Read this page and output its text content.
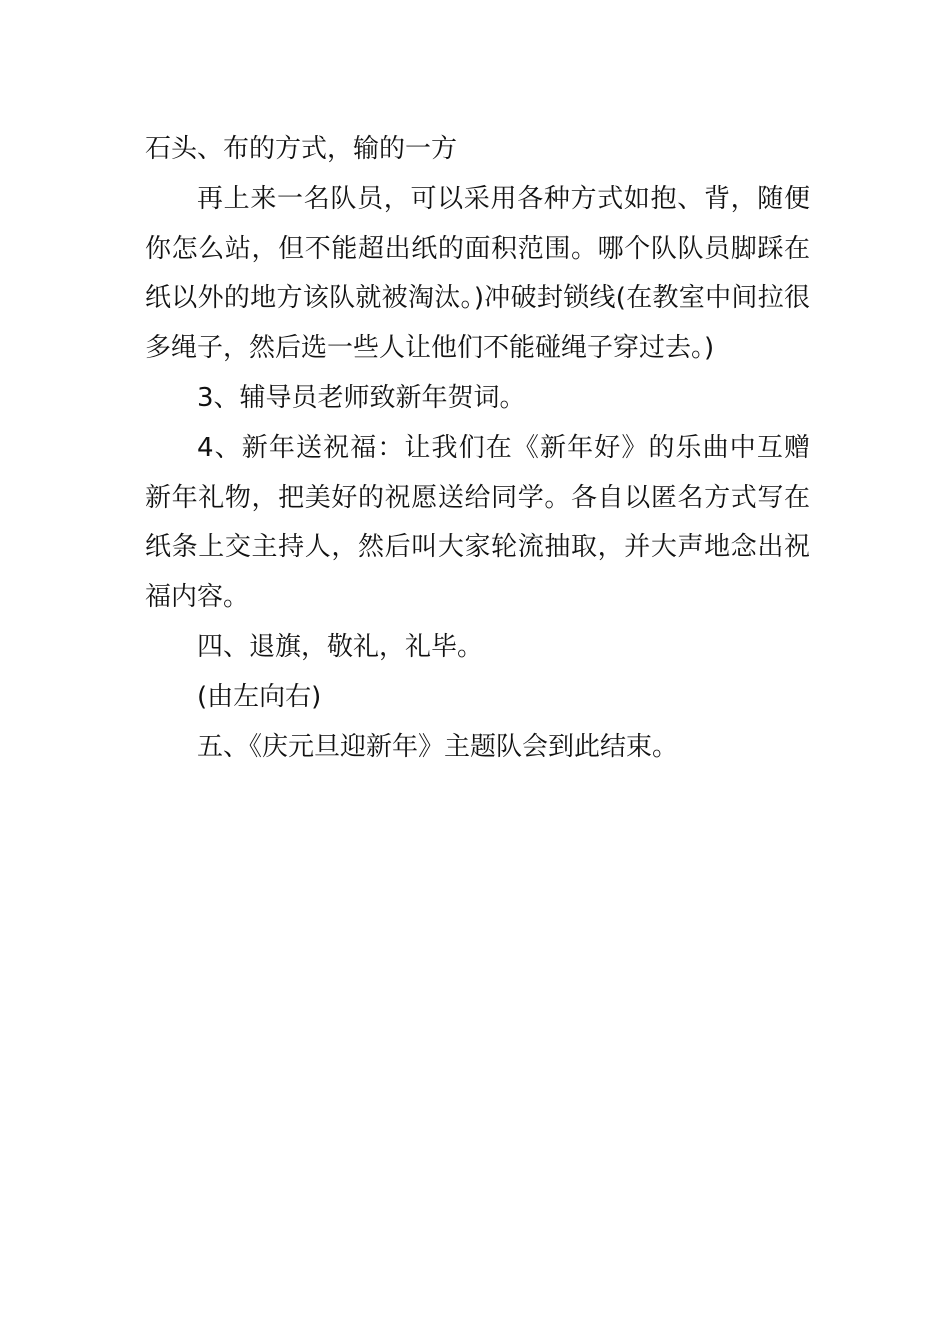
石头、布的方式，输的一方

再上来一名队员，可以采用各种方式如抱、背，随便你怎么站，但不能超出纸的面积范围。哪个队队员脚踩在纸以外的地方该队就被淘汰。)冲破封锁线(在教室中间拉很多绳子，然后选一些人让他们不能碰绳子穿过去。)

3、辅导员老师致新年贺词。

4、新年送祝福：让我们在《新年好》的乐曲中互赠新年礼物，把美好的祝愿送给同学。各自以匿名方式写在纸条上交主持人，然后叫大家轮流抽取，并大声地念出祝福内容。

四、退旗，敬礼，礼毕。

(由左向右)

五、《庆元旦迎新年》主题队会到此结束。
